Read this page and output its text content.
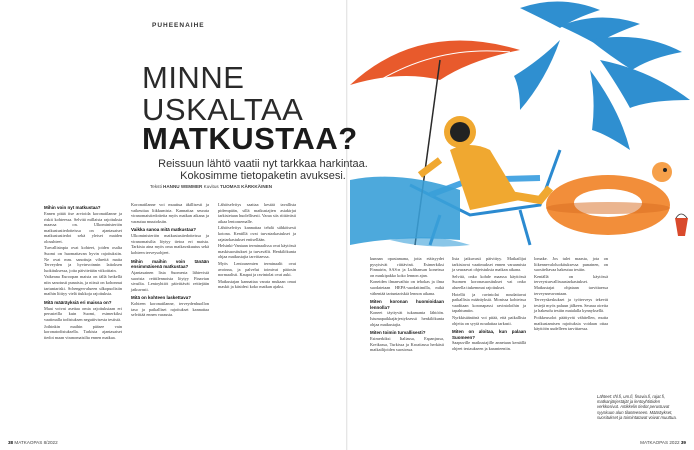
PUHEENAIHE
MINNE
USKALTAA
MATKUSTAA?
Reissuun lähtö vaatii nyt tarkkaa harkintaa. Kokosimme tietopaketin avuksesi.
Teksti HANNU WEMMER Kuvitus TUOMAS KÄRKKÄINEN
Mihin voin nyt matkustaa?

Ennen pitää itse arvioida koronatilanne ja riskit kohteessa. Selvitä millaista rajoituksia maassa on. Ulkoministeriön matkustustiedotteissa on ajantasaiset matkustustiedot sekä yleiset maiden olosuhteet.

Turvallisinpia ovat kohteet, joiden osalta Suomi on huomattavan hyvin rajoituksiin. Ne ovat mm. sanottuja vihreitä maita Terveyden ja hyvinvoinnin laitoksen luokituksessa, joita päivitetään viikoittain.

Vaikeana Euroopan maista on tällä hetkellä niin sanotusti punaisia, ja niissä on kohonnut tartuntariski. Schengen-alueen ulkopuolisiin maihin liittyy vielä tiukkoja rajoituksia.

Mitä määräyksiä eri maissa on?

Maat voivat asettaa omia rajoituksiaan eri perusteilla kuin Suomi, esimerkiksi vaatimalla todistuksen negatiivisesta testistä.

Joihinkin maihin pääsee vain koronatodistuksella. Tarkista ajantasaiset tiedot maan viranomaisilta ennen matkaa.

Koronatilanne voi muuttua äkillisesti ja vaikeuttaa liikkumista. Kannattaa seurata viranomaistiedotteita myös matkan aikana ja varautua muutoksiin.

Vaikka sanoa mitä matkustaa?

Ulkoministeriön matkustustiedotteissa ja viranomaisilta löytyy tietoa eri maista. Tarkista aina myös oma matkavakuutus sekä kohteen terveysohjeet.

Mihin maihin voin tänään ensimmäisenä matkustaa?

Ajantasainen lista Suomesta lähtevistä suorista reittilennoista löytyy Finavian sivuilta. Lentoyhtiöt päivittävät reittejään jatkuvasti.

Mitä on kohteen laskettava?

Kohteen koronatilanne, terveydenhuollon taso ja paikalliset rajoitukset kannattaa selvittää ennen varausta.

Lähtöselvitys saattaa kestää tavallista pidempään, sillä matkustajien asiakirjat tarkistetaan huolellisesti. Varaa siis riittävästi aikaa lentoasemalle.

Lähtöselvitys kannattaa tehdä sähköisesti kotona. Kentillä ovat turvatarkastukset ja rajatarkastukset entisellään.

Helsinki-Vantaan terminaalissa ovat käytössä maskisuositukset ja turvavälit. Henkilökunta ohjaa matkustajia tarvittaessa.

Myös Lentoasemien terminaalit ovat avoinna, ja palvelut toimivat pääosin normaalisti. Kaupat ja ravintolat ovat auki.

Matkustajan kannattaa varata mukaan omat maskit ja käsidesi koko matkan ajaksi.

kunnan opastamana, jotta etäisyydet pysyisivät riittävinä. Esimerkiksi Finnairin, SAS:n ja Lufthansan koneissa on maskipakko koko lennon ajan.

Koneiden ilmanvaihto on tehokas ja ilma suodatetaan HEPA-suodattimilla, mikä vähentää tartuntariskiä lennon aikana.

Miten koronan huomioidaan lennolla?

Koneet täyttyvät tukamanta lähtöön. Istumapaikkajärjestyksessä henkilökunta ohjaa matkustajia.

Miten toimin turvallisesti?

Esimerkiksi Italiassa, Espanjassa, Kreikassa, Turkissa ja Kroatiassa herkästi matkailijoiden suosiossa.

lista jatkuvasti päivittyy. Matkailijat tarkistavat vaatimukset ennen varaamista ja seuraavat ohjeistuksia matkan aikana.

Selvitä, onko kohde maassa käyttössä Suomen koronasuositukset vai onko alueella tiukemmat rajoitukset.

Hotellit ja ravintolat noudattavat paikallisia määräyksiä. Monissa kohteissa vaaditaan koronapassi ravintoloihin ja tapahtumiin.

Nyrkkisääntönä voi pitää, että paikallisia ohjeita on syytä noudattaa tarkasti.

Miten on aloitaa, kun palaan Suomeen?

Saapuville matkustajille annetaan kentällä ohjeet testaukseen ja karanteeniin.

lomake. Jos tulet maasta, jota on liikennevaloluokituksessa punainen, on suositeltavaa hakeutua testiin.

Kentällä on käytössä terveysturvallisuustarkastukset. Matkustajat ohjataan tarvittaessa terveysneuvontaan.

Terveyskeskukset ja työterveys tekevät testejä myös paluun jälkeen. Seuraa oireita ja hakeudu testiin matalalla kynnyksellä.

Poikkeusolot päättyvät vähitellen, mutta matkustamisen rajoituksia voidaan ottaa käyttöön uudelleen tarvittaessa.

Lähteet: thl.fi, um.fi, finavia.fi, rajat.fi, matkanjärjestäjät ja lentoyhtiöiden verkkosivut. Artikkelin tiedot perustuvat syyskuun alun tilanteeseen. Määräykset, suositukset ja toimintatavat voivat muuttua.
38 MATKAOPAS 8/2022	MATKAOPAS 2022 39
